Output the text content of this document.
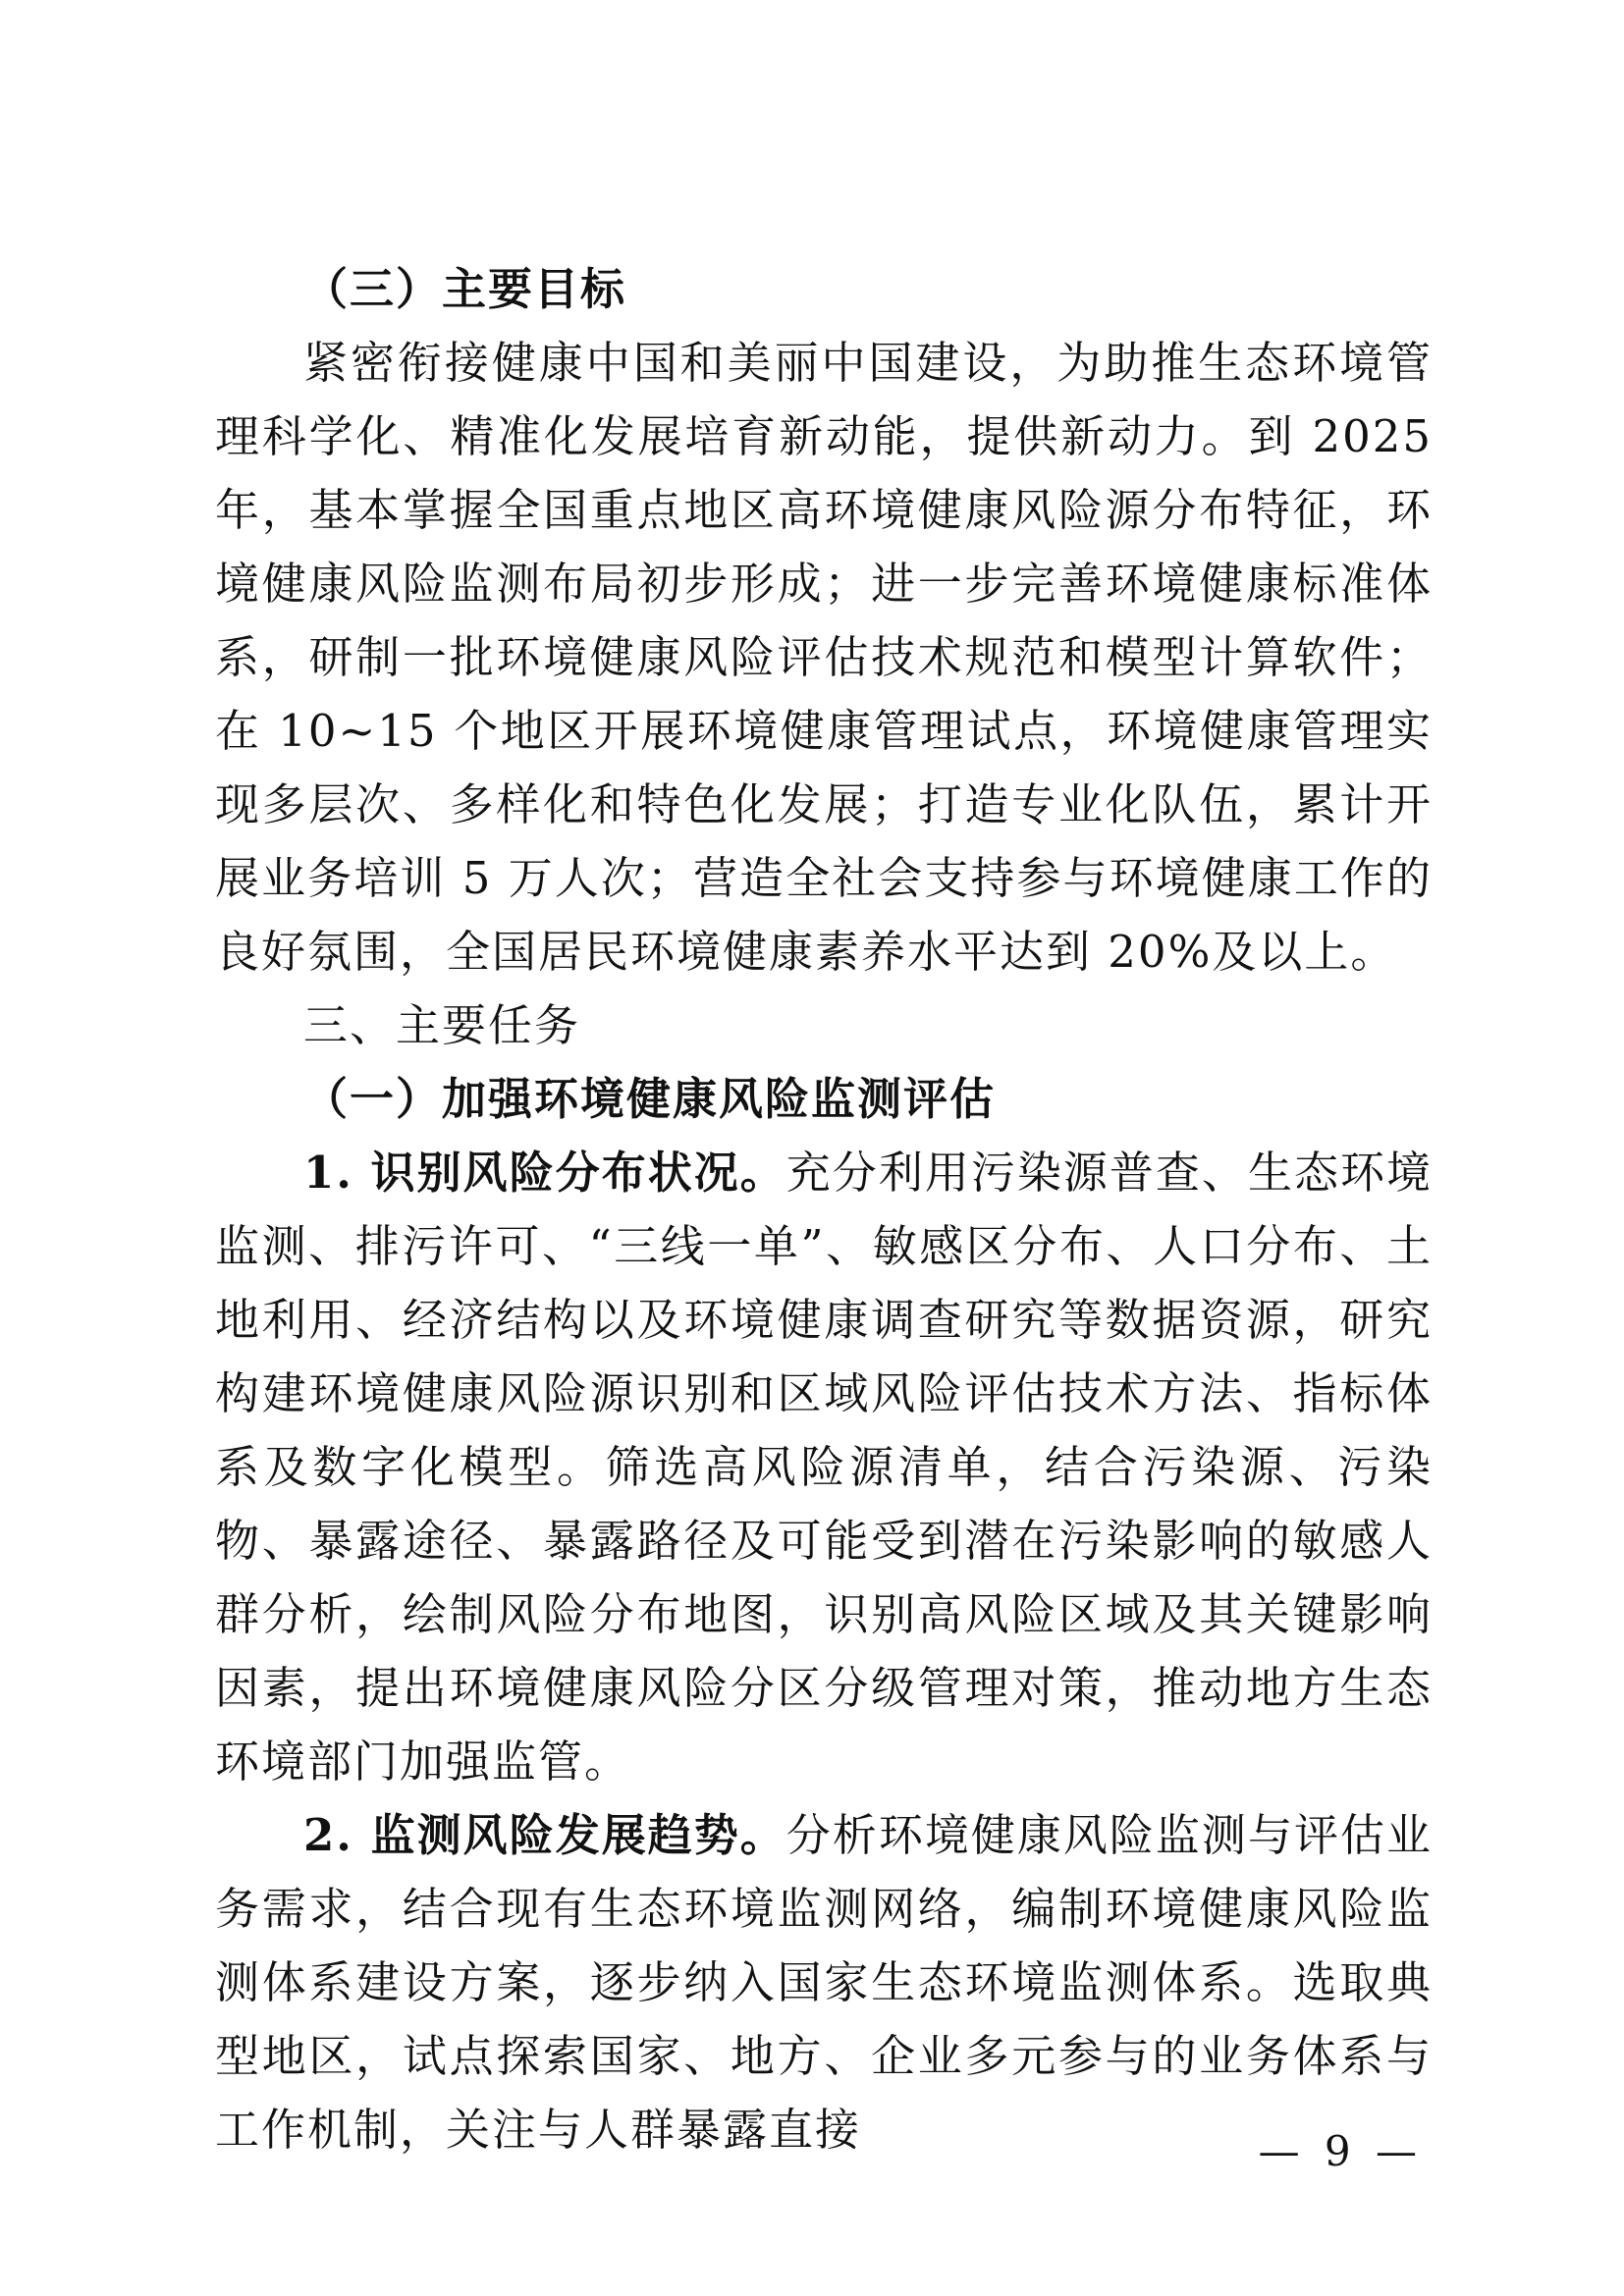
（三）主要目标

紧密衔接健康中国和美丽中国建设，为助推生态环境管理科学化、精准化发展培育新动能，提供新动力。到 2025 年，基本掌握全国重点地区高环境健康风险源分布特征，环境健康风险监测布局初步形成；进一步完善环境健康标准体系，研制一批环境健康风险评估技术规范和模型计算软件；在 10~15 个地区开展环境健康管理试点，环境健康管理实现多层次、多样化和特色化发展；打造专业化队伍，累计开展业务培训 5 万人次；营造全社会支持参与环境健康工作的良好氛围，全国居民环境健康素养水平达到 20%及以上。

三、主要任务

（一）加强环境健康风险监测评估

1. 识别风险分布状况。充分利用污染源普查、生态环境监测、排污许可、“三线一单”、敏感区分布、人口分布、土地利用、经济结构以及环境健康调查研究等数据资源，研究构建环境健康风险源识别和区域风险评估技术方法、指标体系及数字化模型。筛选高风险源清单，结合污染源、污染物、暴露途径、暴露路径及可能受到潜在污染影响的敏感人群分析，绘制风险分布地图，识别高风险区域及其关键影响因素，提出环境健康风险分区分级管理对策，推动地方生态环境部门加强监管。

2. 监测风险发展趋势。分析环境健康风险监测与评估业务需求，结合现有生态环境监测网络，编制环境健康风险监测体系建设方案，逐步纳入国家生态环境监测体系。选取典型地区，试点探索国家、地方、企业多元参与的业务体系与工作机制，关注与人群暴露直接	— 9 —
